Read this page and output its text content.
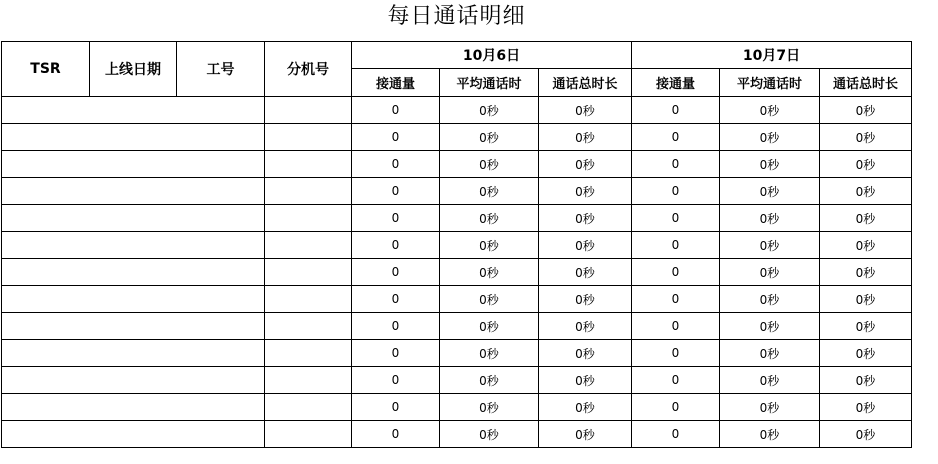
每日通话明细
TSR	上线日期	工号	分机号	10月6日			10月7日		
				接通量	平均通话时	通话总时长	接通量	平均通话时	通话总时长
				0	0秒	0秒	0	0秒	0秒
				0	0秒	0秒	0	0秒	0秒
				0	0秒	0秒	0	0秒	0秒
				0	0秒	0秒	0	0秒	0秒
				0	0秒	0秒	0	0秒	0秒
				0	0秒	0秒	0	0秒	0秒
				0	0秒	0秒	0	0秒	0秒
				0	0秒	0秒	0	0秒	0秒
				0	0秒	0秒	0	0秒	0秒
				0	0秒	0秒	0	0秒	0秒
				0	0秒	0秒	0	0秒	0秒
				0	0秒	0秒	0	0秒	0秒
				0	0秒	0秒	0	0秒	0秒
